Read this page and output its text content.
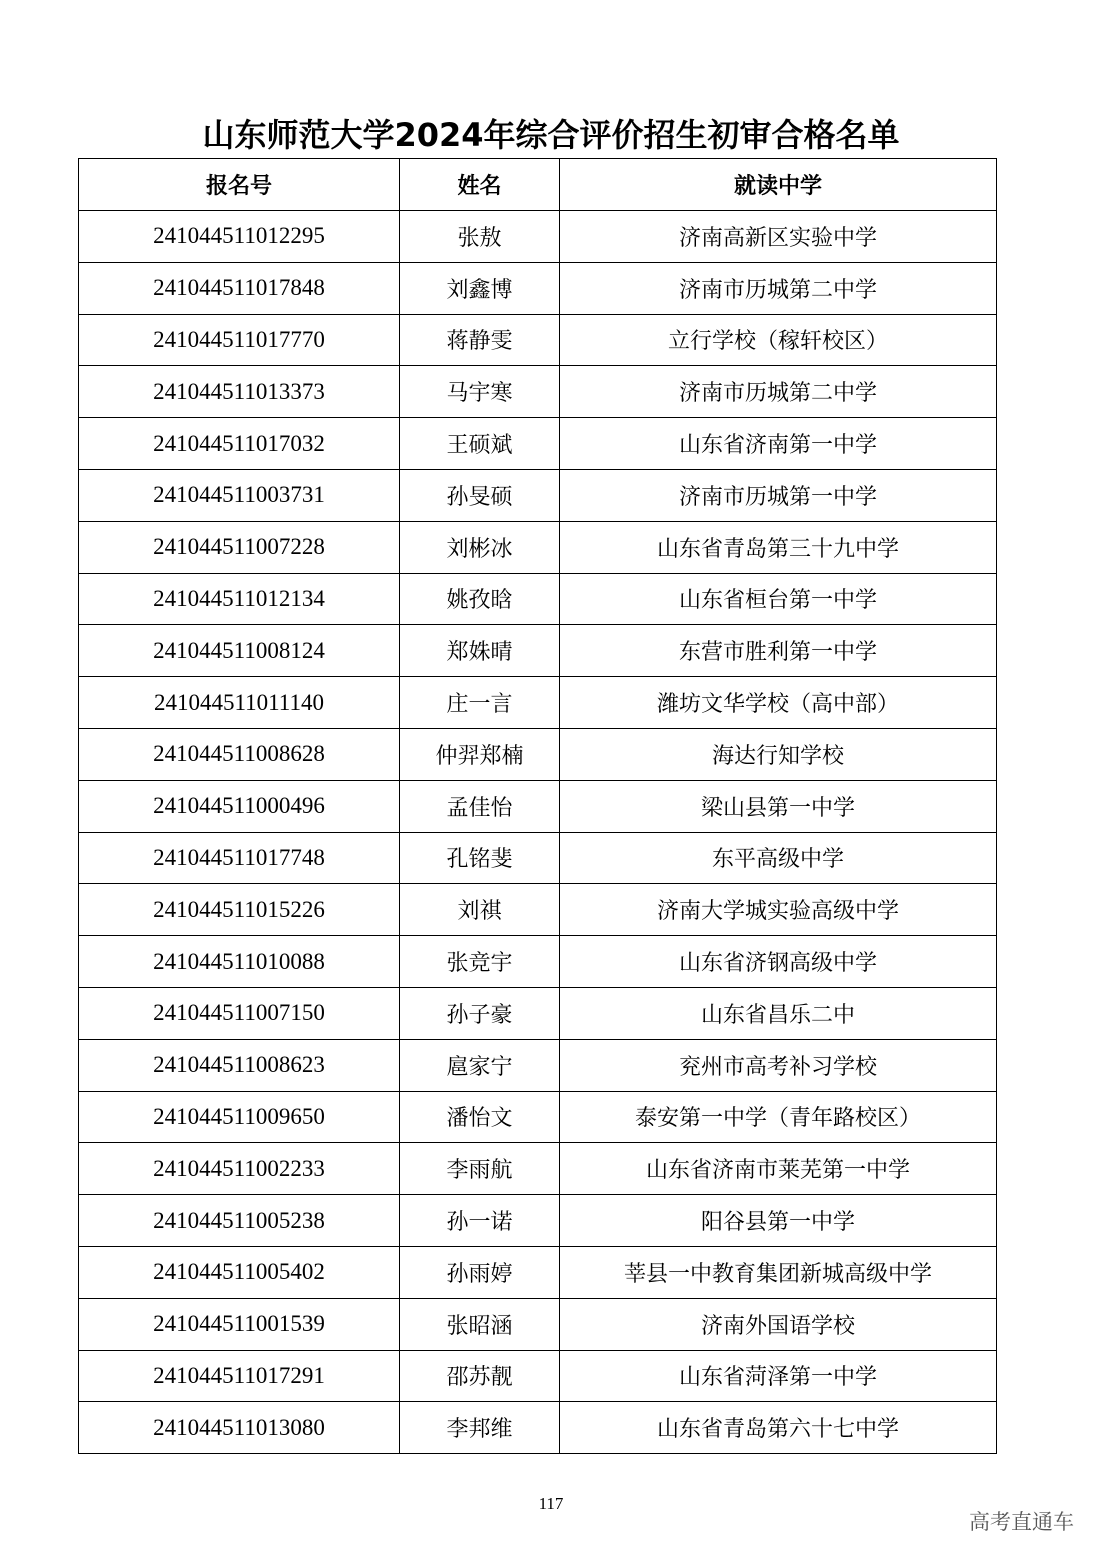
山东师范大学2024年综合评价招生初审合格名单
报名号	姓名	就读中学
241044511012295	张敖	济南高新区实验中学
241044511017848	刘鑫博	济南市历城第二中学
241044511017770	蒋静雯	立行学校（稼轩校区）
241044511013373	马宇寒	济南市历城第二中学
241044511017032	王硕斌	山东省济南第一中学
241044511003731	孙旻硕	济南市历城第一中学
241044511007228	刘彬冰	山东省青岛第三十九中学
241044511012134	姚孜晗	山东省桓台第一中学
241044511008124	郑姝晴	东营市胜利第一中学
241044511011140	庄一言	潍坊文华学校（高中部）
241044511008628	仲羿郑楠	海达行知学校
241044511000496	孟佳怡	梁山县第一中学
241044511017748	孔铭斐	东平高级中学
241044511015226	刘祺	济南大学城实验高级中学
241044511010088	张竞宇	山东省济钢高级中学
241044511007150	孙子豪	山东省昌乐二中
241044511008623	扈家宁	兖州市高考补习学校
241044511009650	潘怡文	泰安第一中学（青年路校区）
241044511002233	李雨航	山东省济南市莱芜第一中学
241044511005238	孙一诺	阳谷县第一中学
241044511005402	孙雨婷	莘县一中教育集团新城高级中学
241044511001539	张昭涵	济南外国语学校
241044511017291	邵苏靓	山东省菏泽第一中学
241044511013080	李邦维	山东省青岛第六十七中学
117
高考直通车
